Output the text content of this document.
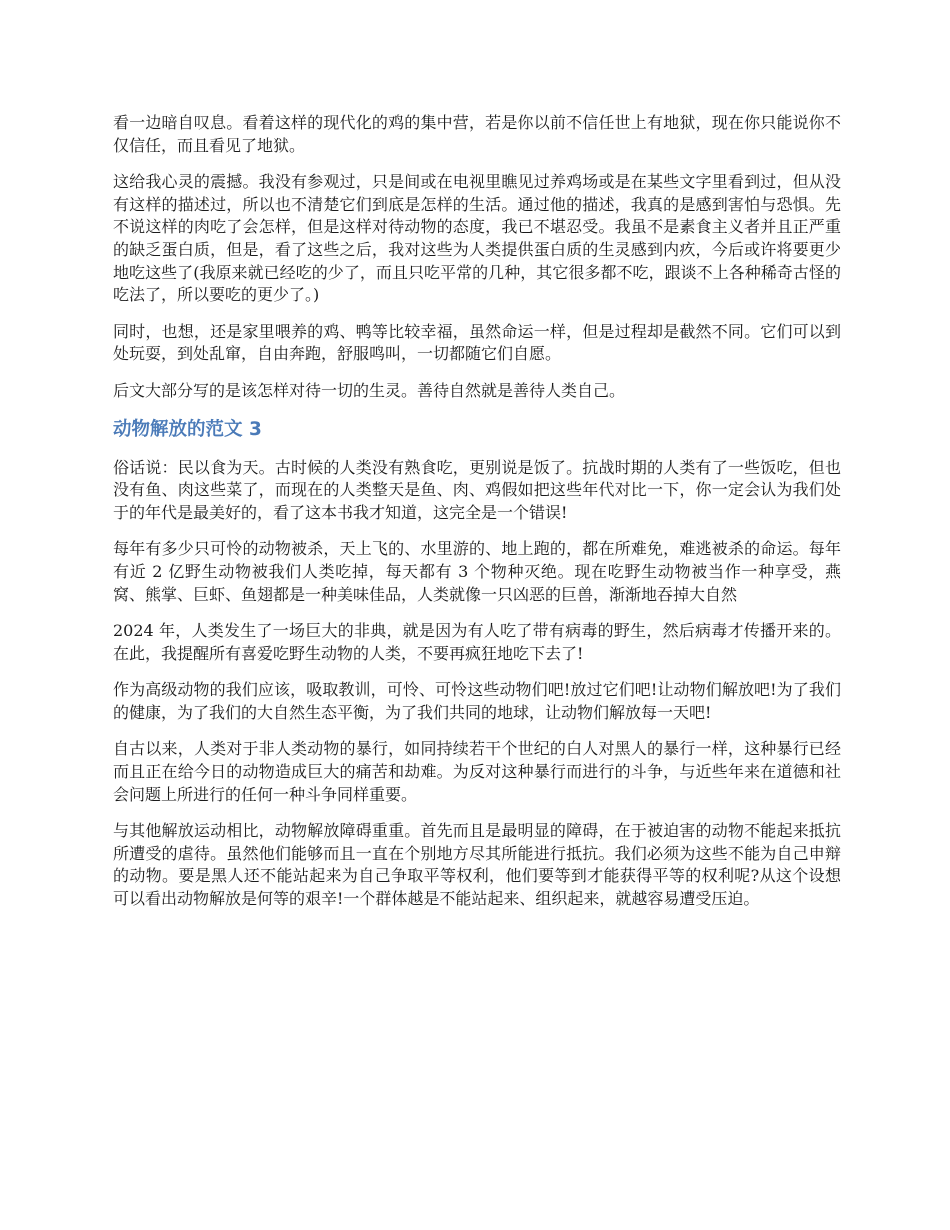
看一边暗自叹息。看着这样的现代化的鸡的集中营，若是你以前不信任世上有地狱，现在你只能说你不仅信任，而且看见了地狱。

这给我心灵的震撼。我没有参观过，只是间或在电视里瞧见过养鸡场或是在某些文字里看到过，但从没有这样的描述过，所以也不清楚它们到底是怎样的生活。通过他的描述，我真的是感到害怕与恐惧。先不说这样的肉吃了会怎样，但是这样对待动物的态度，我已不堪忍受。我虽不是素食主义者并且正严重的缺乏蛋白质，但是，看了这些之后，我对这些为人类提供蛋白质的生灵感到内疚，今后或许将要更少地吃这些了(我原来就已经吃的少了，而且只吃平常的几种，其它很多都不吃，跟谈不上各种稀奇古怪的吃法了，所以要吃的更少了。)

同时，也想，还是家里喂养的鸡、鸭等比较幸福，虽然命运一样，但是过程却是截然不同。它们可以到处玩耍，到处乱窜，自由奔跑，舒服鸣叫，一切都随它们自愿。

后文大部分写的是该怎样对待一切的生灵。善待自然就是善待人类自己。

动物解放的范文 3

俗话说：民以食为天。古时候的人类没有熟食吃，更别说是饭了。抗战时期的人类有了一些饭吃，但也没有鱼、肉这些菜了，而现在的人类整天是鱼、肉、鸡假如把这些年代对比一下，你一定会认为我们处于的年代是最美好的，看了这本书我才知道，这完全是一个错误!

每年有多少只可怜的动物被杀，天上飞的、水里游的、地上跑的，都在所难免，难逃被杀的命运。每年有近 2 亿野生动物被我们人类吃掉，每天都有 3 个物种灭绝。现在吃野生动物被当作一种享受，燕窝、熊掌、巨虾、鱼翅都是一种美味佳品，人类就像一只凶恶的巨兽，渐渐地吞掉大自然

2024 年，人类发生了一场巨大的非典，就是因为有人吃了带有病毒的野生，然后病毒才传播开来的。在此，我提醒所有喜爱吃野生动物的人类，不要再疯狂地吃下去了!

作为高级动物的我们应该，吸取教训，可怜、可怜这些动物们吧!放过它们吧!让动物们解放吧!为了我们的健康，为了我们的大自然生态平衡，为了我们共同的地球，让动物们解放每一天吧!

自古以来，人类对于非人类动物的暴行，如同持续若干个世纪的白人对黑人的暴行一样，这种暴行已经而且正在给今日的动物造成巨大的痛苦和劫难。为反对这种暴行而进行的斗争，与近些年来在道德和社会问题上所进行的任何一种斗争同样重要。

与其他解放运动相比，动物解放障碍重重。首先而且是最明显的障碍，在于被迫害的动物不能起来抵抗所遭受的虐待。虽然他们能够而且一直在个别地方尽其所能进行抵抗。我们必须为这些不能为自己申辩的动物。要是黑人还不能站起来为自己争取平等权利，他们要等到才能获得平等的权利呢?从这个设想可以看出动物解放是何等的艰辛!一个群体越是不能站起来、组织起来，就越容易遭受压迫。
